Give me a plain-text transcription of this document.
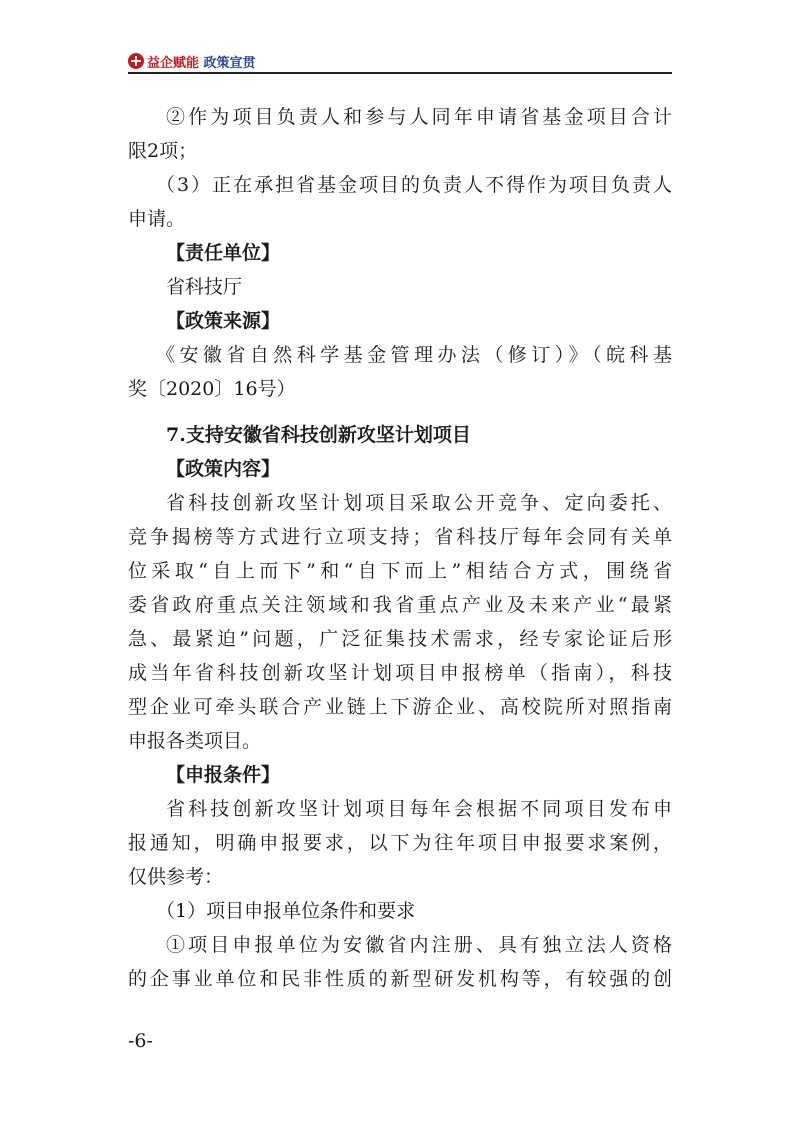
益企赋能 政策宣贯
②作为项目负责人和参与人同年申请省基金项目合计
限2项；
（3）正在承担省基金项目的负责人不得作为项目负责人
申请。
【责任单位】
省科技厅
【政策来源】
《安徽省自然科学基金管理办法（修订）》（皖科基
奖〔2020〕16号）
7.支持安徽省科技创新攻坚计划项目
【政策内容】
省科技创新攻坚计划项目采取公开竞争、定向委托、
竞争揭榜等方式进行立项支持；省科技厅每年会同有关单
位采取“自上而下”和“自下而上”相结合方式，围绕省
委省政府重点关注领域和我省重点产业及未来产业“最紧
急、最紧迫”问题，广泛征集技术需求，经专家论证后形
成当年省科技创新攻坚计划项目申报榜单（指南），科技
型企业可牵头联合产业链上下游企业、高校院所对照指南
申报各类项目。
【申报条件】
省科技创新攻坚计划项目每年会根据不同项目发布申
报通知，明确申报要求，以下为往年项目申报要求案例，
仅供参考：
（1）项目申报单位条件和要求
①项目申报单位为安徽省内注册、具有独立法人资格
的企事业单位和民非性质的新型研发机构等，有较强的创
-6-
